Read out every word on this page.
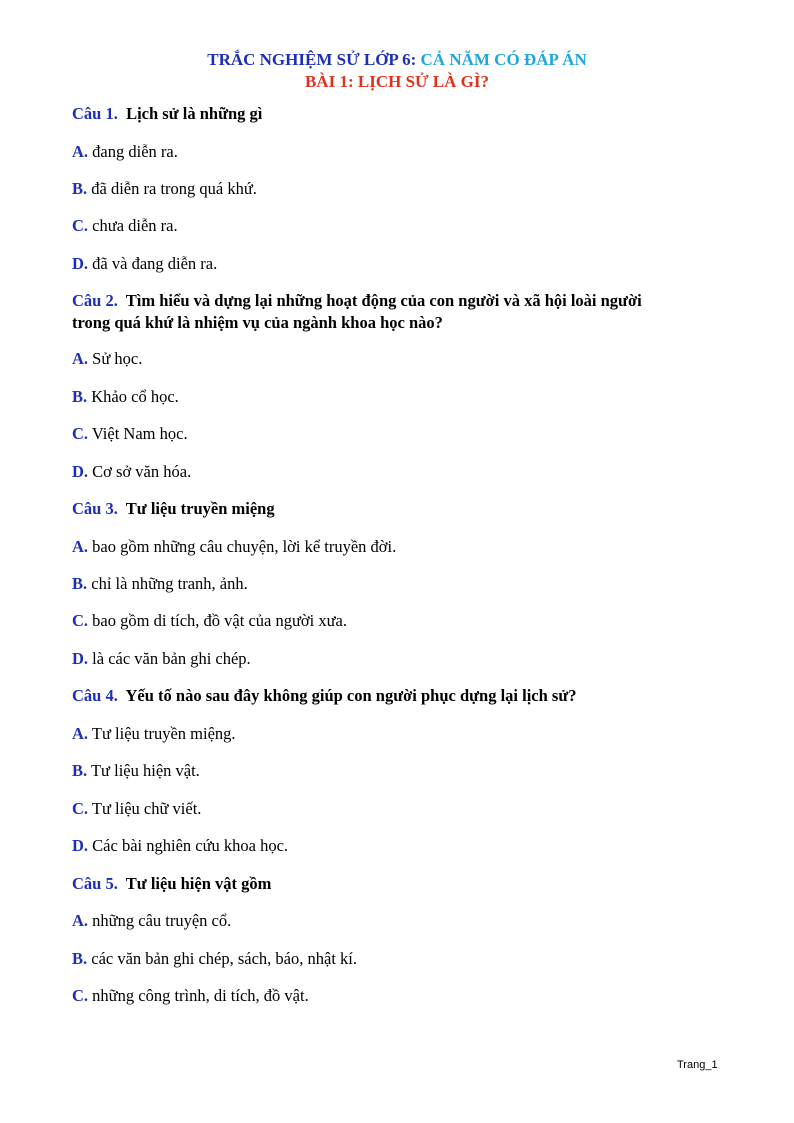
TRẮC NGHIỆM SỬ LỚP 6: CẢ NĂM CÓ ĐÁP ÁN
BÀI 1: LỊCH SỬ LÀ GÌ?
Câu 1. Lịch sử là những gì
A. đang diễn ra.
B. đã diễn ra trong quá khứ.
C. chưa diễn ra.
D. đã và đang diễn ra.
Câu 2. Tìm hiểu và dựng lại những hoạt động của con người và xã hội loài người
trong quá khứ là nhiệm vụ của ngành khoa học nào?
A. Sử học.
B. Khảo cổ học.
C. Việt Nam học.
D. Cơ sở văn hóa.
Câu 3. Tư liệu truyền miệng
A. bao gồm những câu chuyện, lời kể truyền đời.
B. chỉ là những tranh, ảnh.
C. bao gồm di tích, đồ vật của người xưa.
D. là các văn bản ghi chép.
Câu 4. Yếu tố nào sau đây không giúp con người phục dựng lại lịch sử?
A. Tư liệu truyền miệng.
B. Tư liệu hiện vật.
C. Tư liệu chữ viết.
D. Các bài nghiên cứu khoa học.
Câu 5. Tư liệu hiện vật gồm
A. những câu truyện cổ.
B. các văn bản ghi chép, sách, báo, nhật kí.
C. những công trình, di tích, đồ vật.
Trang_1
